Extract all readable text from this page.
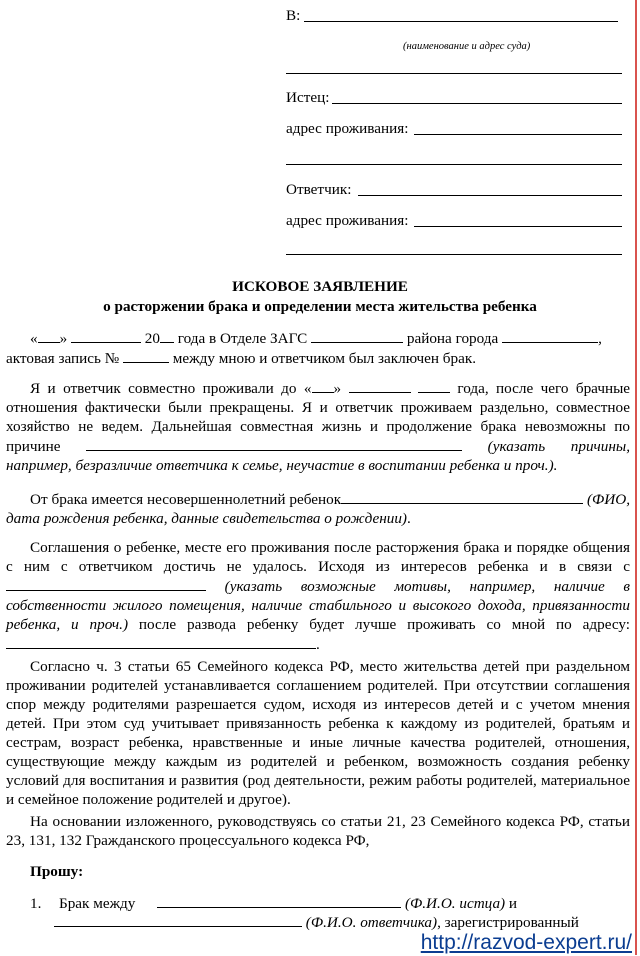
В:
(наименование и адрес суда)
Истец:
адрес проживания:
Ответчик:
адрес проживания:
ИСКОВОЕ ЗАЯВЛЕНИЕ
о расторжении брака и определении места жительства ребенка
« »	20 года в Отделе ЗАГС	района города	,
актовая запись №	между мною и ответчиком был заключен брак.
Я и ответчик совместно проживали до « »	года, после чего брачные отношения фактически были прекращены. Я и ответчик проживаем раздельно, совместное хозяйство не ведем. Дальнейшая совместная жизнь и продолжение брака невозможны по причине	(указать причины, например, безразличие ответчика к семье, неучастие в воспитании ребенка и проч.).
От брака имеется несовершеннолетний ребенок	(ФИО, дата рождения ребенка, данные свидетельства о рождении).
Соглашения о ребенке, месте его проживания после расторжения брака и порядке общения с ним с ответчиком достичь не удалось. Исходя из интересов ребенка и в связи с  (указать возможные мотивы, например, наличие в собственности жилого помещения, наличие стабильного и высокого дохода, привязанности ребенка, и проч.) после развода ребенку будет лучше проживать со мной по адресу: .
Согласно ч. 3 статьи 65 Семейного кодекса РФ, место жительства детей при раздельном проживании родителей устанавливается соглашением родителей. При отсутствии соглашения спор между родителями разрешается судом, исходя из интересов детей и с учетом мнения детей. При этом суд учитывает привязанность ребенка к каждому из родителей, братьям и сестрам, возраст ребенка, нравственные и иные личные качества родителей, отношения, существующие между каждым из родителей и ребенком, возможность создания ребенку условий для воспитания и развития (род деятельности, режим работы родителей, материальное и семейное положение родителей и другое).
На основании изложенного, руководствуясь со статьи 21, 23 Семейного кодекса РФ, статьи 23, 131, 132 Гражданского процессуального кодекса РФ,
Прошу:
1. Брак между	(Ф.И.О. истца) и
(Ф.И.О. ответчика), зарегистрированный
http://razvod-expert.ru/
